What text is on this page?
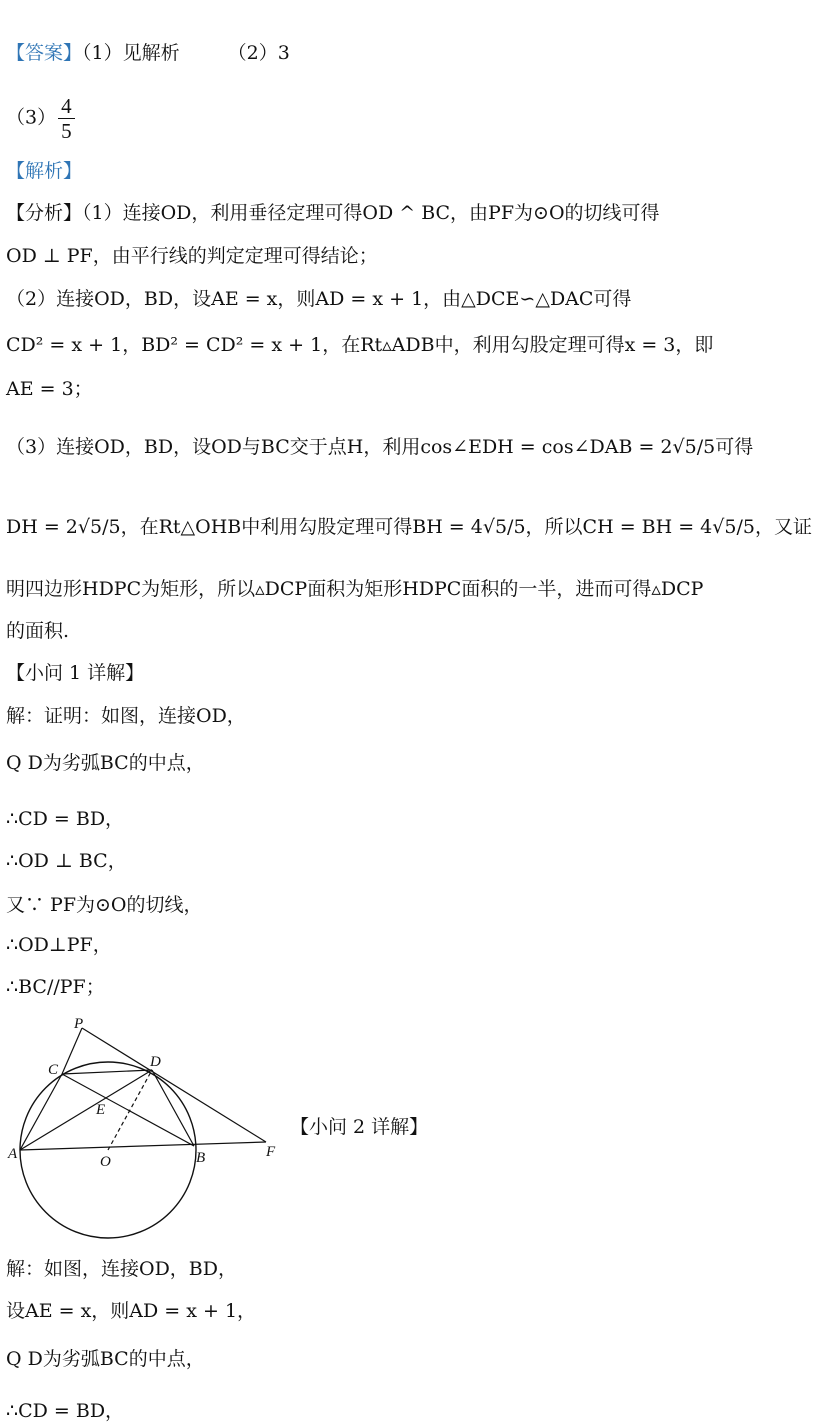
【答案】（1）见解析	（2）3
$(3) \frac{4}{5}$
【解析】
【分析】（1）连接OD，利用垂径定理可得OD ^ BC，由PF为⊙O的切线可得
OD ⊥ PF，由平行线的判定定理可得结论；
（2）连接OD，BD，设AE = x，则AD = x + 1，由△DCE∽△DAC可得
CD² = x + 1，BD² = CD² = x + 1，在Rt▵ADB中，利用勾股定理可得x = 3，即
AE = 3；
（3）连接OD，BD，设OD与BC交于点H，利用cos∠EDH = cos∠DAB = 2√5/5可得
DH = 2√5/5，在Rt△OHB中利用勾股定理可得BH = 4√5/5，所以CH = BH = 4√5/5，又证
明四边形HDPC为矩形，所以▵DCP面积为矩形HDPC面积的一半，进而可得▵DCP
的面积.
【小问 1 详解】
解：证明：如图，连接OD，
Q D为劣弧BC的中点，
∴CD = BD，
∴OD ⊥ BC，
又∵ PF为⊙O的切线，
∴OD⊥PF，
∴BC//PF；
P
C	D
E
A	O	B	F
【小问 2 详解】
解：如图，连接OD，BD，
设AE = x，则AD = x + 1，
Q D为劣弧BC的中点，
∴CD = BD，
